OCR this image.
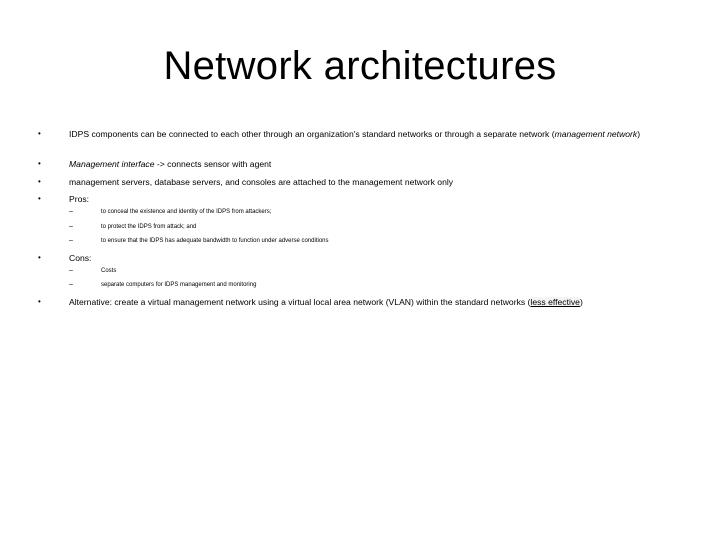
Network architectures
•	IDPS components can be connected to each other through an organization's standard networks or through a separate network (management network)
•	Management interface -> connects sensor with agent
•	management servers, database servers, and consoles are attached to the management network only
•	Pros:
–	to conceal the existence and identity of the IDPS from attackers;
–	to protect the IDPS from attack; and
–	to ensure that the IDPS has adequate bandwidth to function under adverse conditions
•	Cons:
–	Costs
–	separate computers for IDPS management and monitoring
•	Alternative: create a virtual management network using a virtual local area network (VLAN) within the standard networks (less effective)
